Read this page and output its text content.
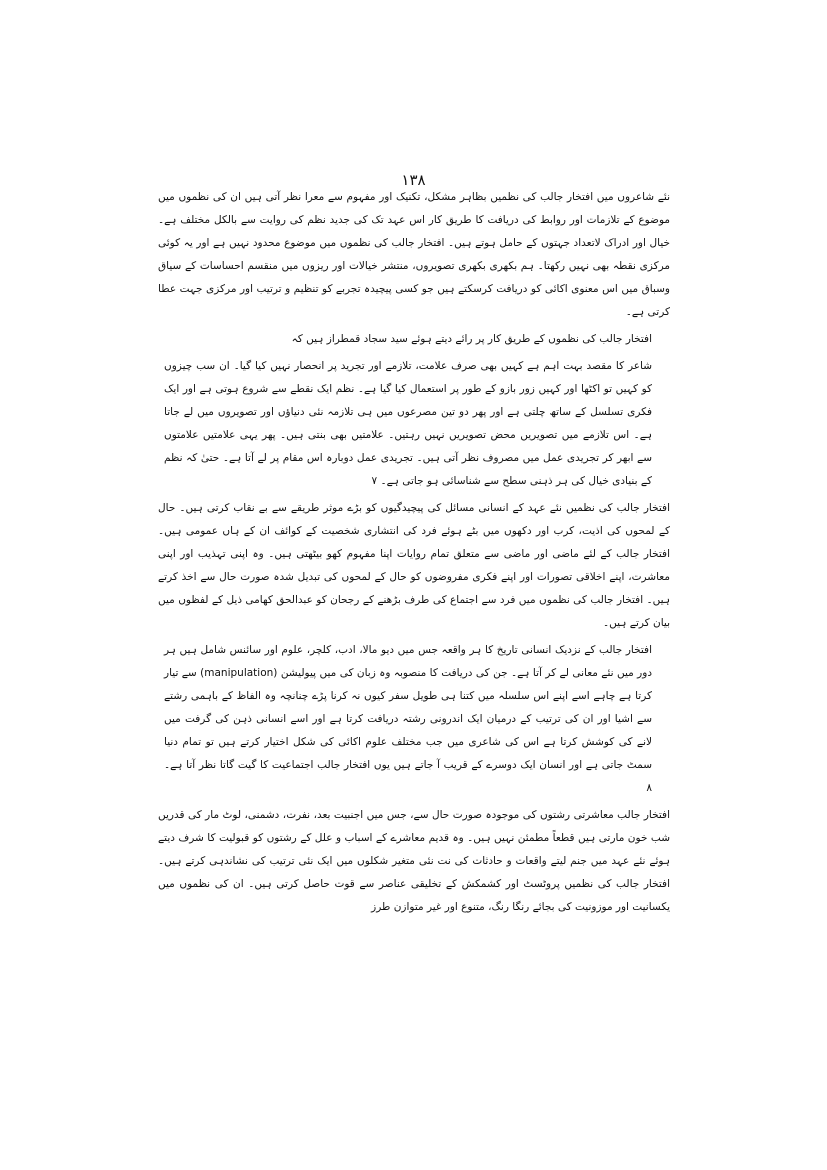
۱۳۸

نئے شاعروں میں افتخار جالب کی نظمیں بظاہر مشکل، تکنیک اور مفہوم سے معرا نظر آتی ہیں ان کی نظموں میں موضوع کے تلازمات اور روابط کی دریافت کا طریق کار اس عہد تک کی جدید نظم کی روایت سے بالکل مختلف ہے۔ خیال اور ادراک لاتعداد جہتوں کے حامل ہوتے ہیں۔ افتخار جالب کی نظموں میں موضوع محدود نہیں ہے اور یہ کوئی مرکزی نقطہ بھی نہیں رکھتا۔ ہم بکھری بکھری تصویروں، منتشر خیالات اور ریزوں میں منقسم احساسات کے سیاق وسباق میں اس معنوی اکائی کو دریافت کرسکتے ہیں جو کسی پیچیدہ تجربے کو تنظیم و ترتیب اور مرکزی جہت عطا کرتی ہے۔

افتخار جالب کی نظموں کے طریق کار پر رائے دیتے ہوئے سید سجاد قمطراز ہیں کہ

شاعر کا مقصد بہت اہم ہے کہیں بھی صرف علامت، تلازمے اور تجرید پر انحصار نہیں کیا گیا۔ ان سب چیزوں کو کہیں تو اکٹھا اور کہیں زور بازو کے طور پر استعمال کیا گیا ہے۔ نظم ایک نقطے سے شروع ہوتی ہے اور ایک فکری تسلسل کے ساتھ چلتی ہے اور پھر دو تین مصرعوں میں ہی تلازمہ نئی دنیاؤں اور تصویروں میں لے جاتا ہے۔ اس تلازمے میں تصویریں محض تصویریں نہیں رہتیں۔ علامتیں بھی بنتی ہیں۔ پھر یہی علامتیں علامتوں سے ابھر کر تجریدی عمل میں مصروف نظر آتی ہیں۔ تجریدی عمل دوبارہ اس مقام پر لے آتا ہے۔ حتیٰ کہ نظم کے بنیادی خیال کی ہر ذہنی سطح سے شناسائی ہو جاتی ہے۔ ۷

افتخار جالب کی نظمیں نئے عہد کے انسانی مسائل کی پیچیدگیوں کو بڑے موثر طریقے سے بے نقاب کرتی ہیں۔ حال کے لمحوں کی اذیت، کرب اور دکھوں میں بٹے ہوئے فرد کی انتشاری شخصیت کے کوائف ان کے ہاں عمومی ہیں۔ افتخار جالب کے لئے ماضی اور ماضی سے متعلق تمام روایات اپنا مفہوم کھو بیٹھتی ہیں۔ وہ اپنی تہذیب اور اپنی معاشرت، اپنے اخلاقی تصورات اور اپنے فکری مفروضوں کو حال کے لمحوں کی تبدیل شدہ صورت حال سے اخذ کرتے ہیں۔ افتخار جالب کی نظموں میں فرد سے اجتماع کی طرف بڑھنے کے رجحان کو عبدالحق کھامی ذیل کے لفظوں میں بیان کرتے ہیں۔

افتخار جالب کے نزدیک انسانی تاریخ کا ہر واقعہ جس میں دیو مالا، ادب، کلچر، علوم اور سائنس شامل ہیں ہر دور میں نئے معانی لے کر آتا ہے۔ جن کی دریافت کا منصوبہ وہ زبان کی میں پیولیشن (manipulation) سے تیار کرتا ہے چاہے اسے اپنے اس سلسلہ میں کتنا ہی طویل سفر کیوں نہ کرنا پڑے چنانچہ وہ الفاظ کے باہمی رشتے سے اشیا اور ان کی ترتیب کے درمیان ایک اندرونی رشتہ دریافت کرتا ہے اور اسے انسانی ذہن کی گرفت میں لانے کی کوشش کرتا ہے اس کی شاعری میں جب مختلف علوم اکائی کی شکل اختیار کرتے ہیں تو تمام دنیا سمٹ جاتی ہے اور انسان ایک دوسرے کے قریب آ جاتے ہیں یوں افتخار جالب اجتماعیت کا گیت گاتا نظر آتا ہے۔ ۸

افتخار جالب معاشرتی رشتوں کی موجودہ صورت حال سے، جس میں اجنبیت بعد، نفرت، دشمنی، لوٹ مار کی قدریں شب خون مارتی ہیں قطعاً مطمئن نہیں ہیں۔ وہ قدیم معاشرے کے اسباب و علل کے رشتوں کو قبولیت کا شرف دیتے ہوئے نئے عہد میں جنم لیتے واقعات و حادثات کی نت نئی متغیر شکلوں میں ایک نئی ترتیب کی نشاندہی کرتے ہیں۔ افتخار جالب کی نظمیں پروٹسٹ اور کشمکش کے تخلیقی عناصر سے قوت حاصل کرتی ہیں۔ ان کی نظموں میں یکسانیت اور موزونیت کی بجائے رنگا رنگ، متنوع اور غیر متوازن طرز
